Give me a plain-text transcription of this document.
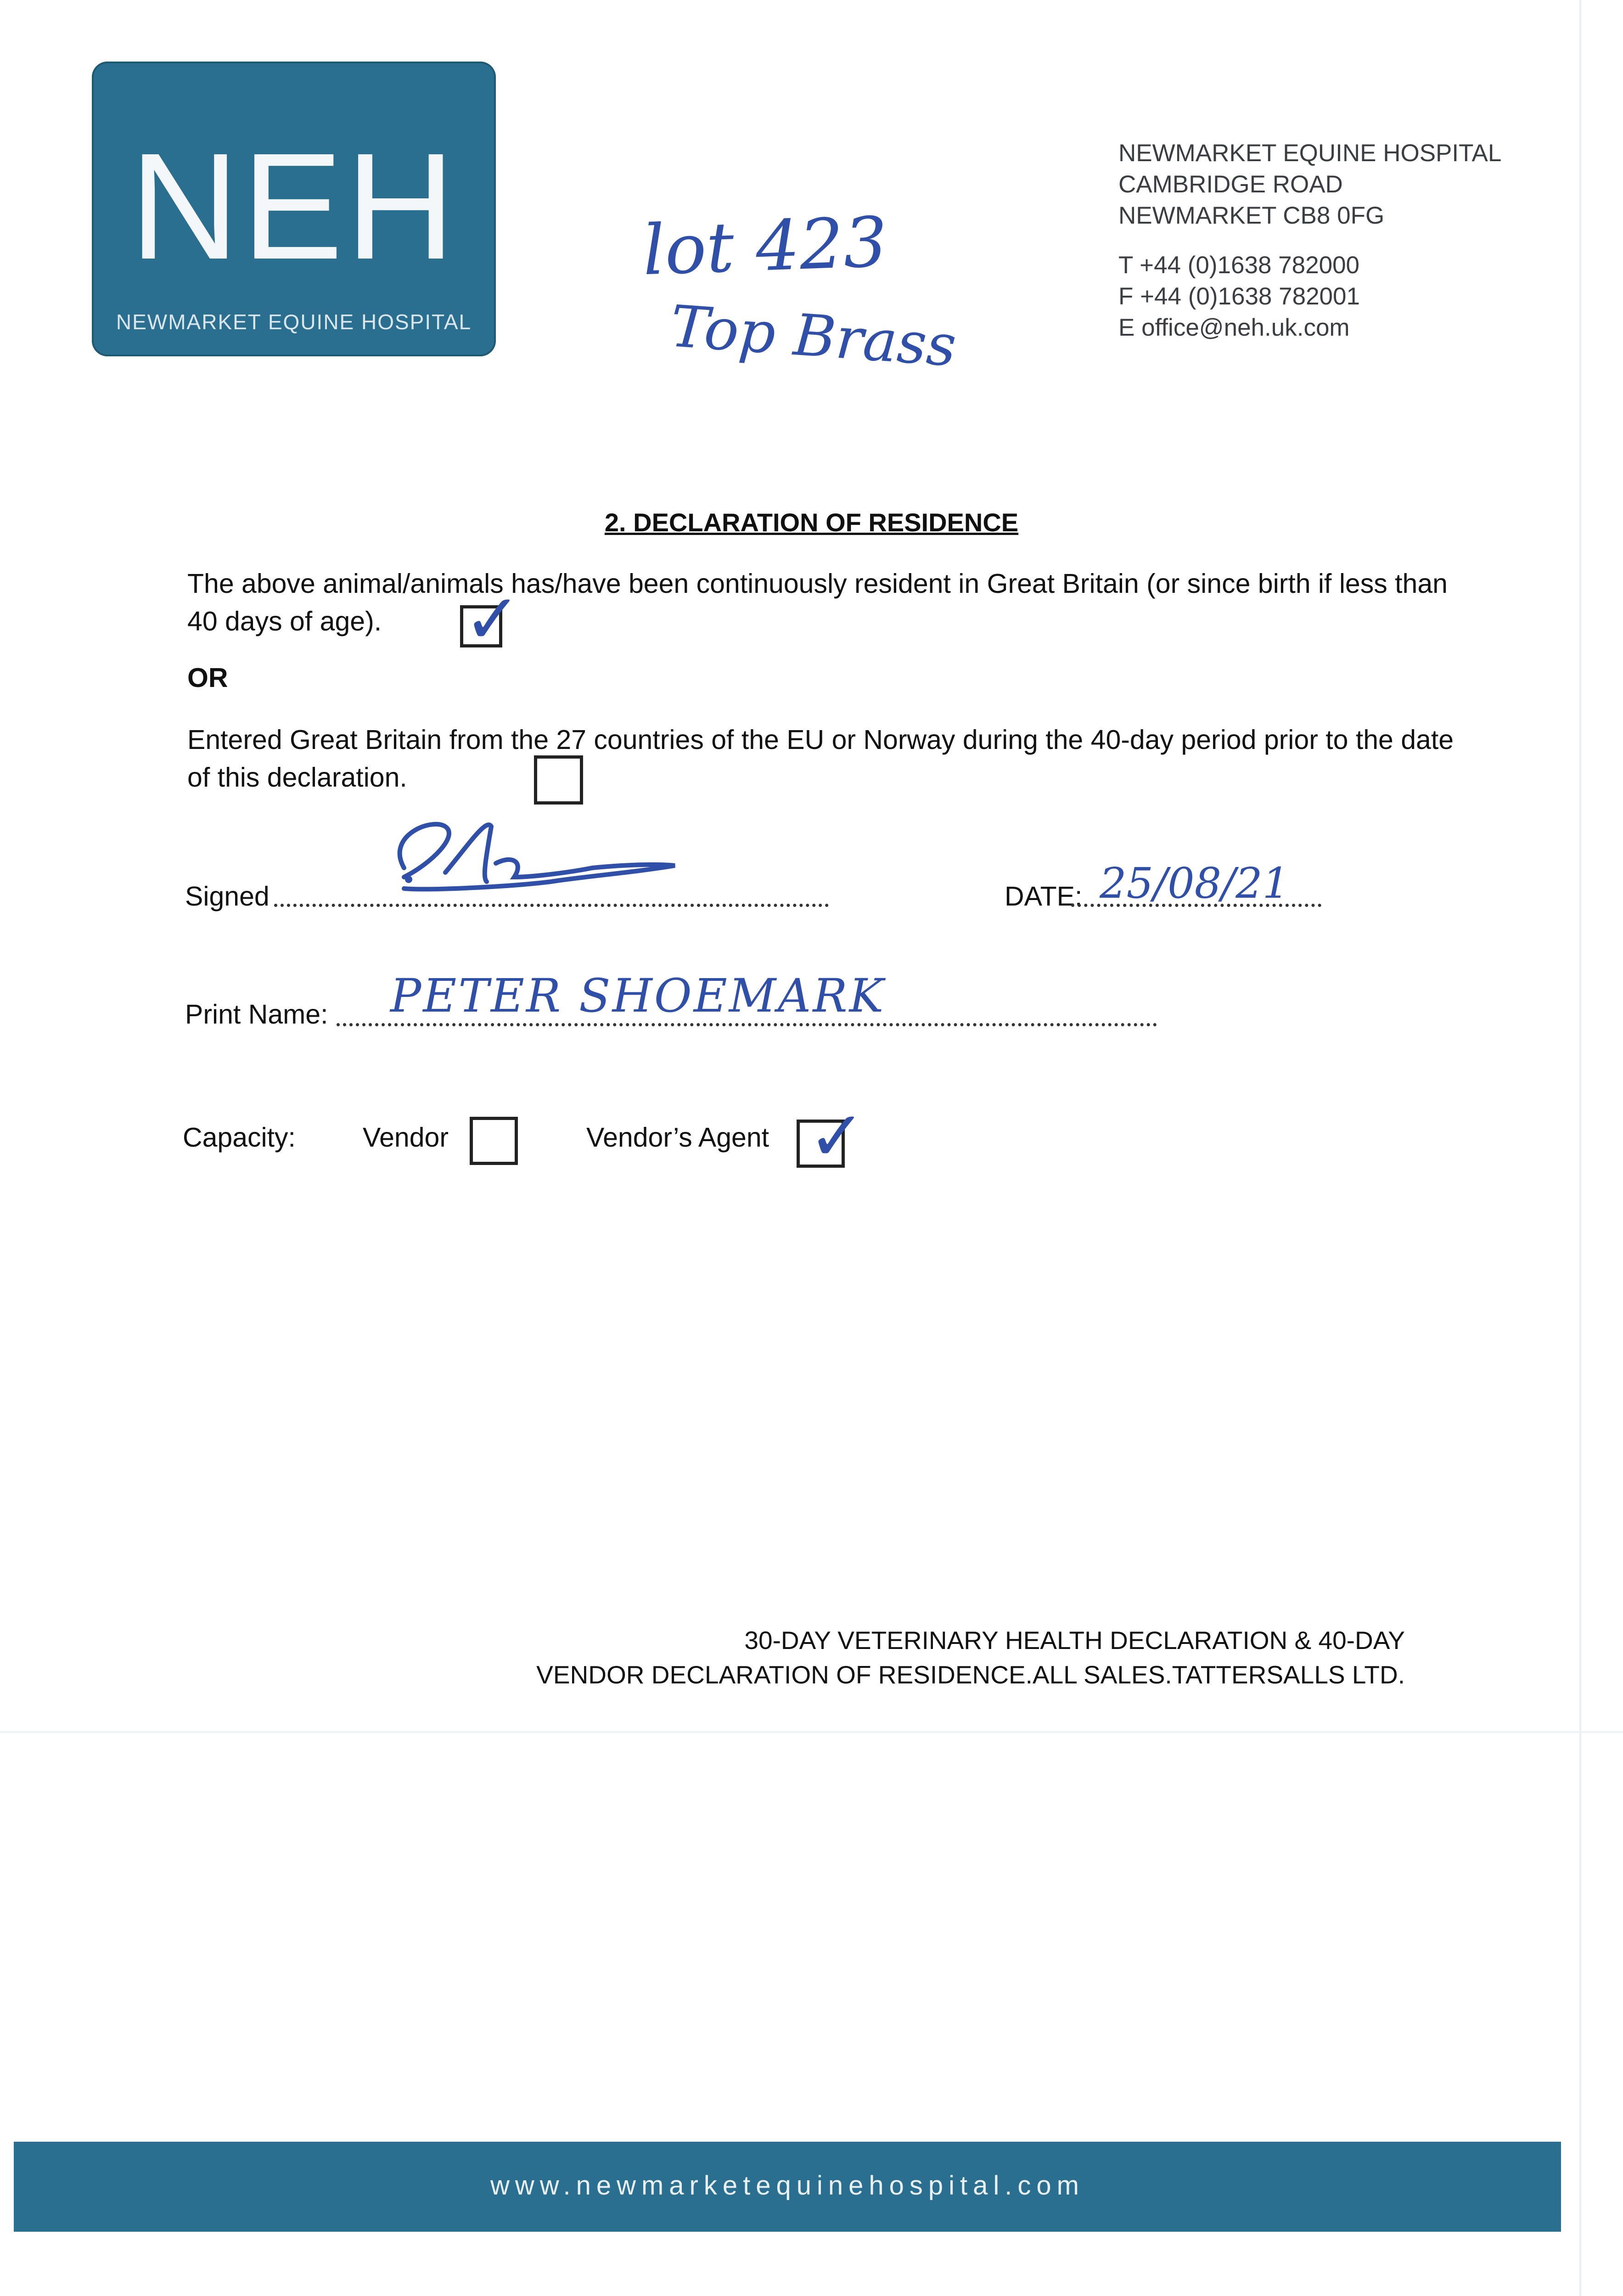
NEH
NEWMARKET EQUINE HOSPITAL
NEWMARKET EQUINE HOSPITAL
CAMBRIDGE ROAD
NEWMARKET CB8 0FG
T +44 (0)1638 782000
F +44 (0)1638 782001
E office@neh.uk.com
lot 423
Top Brass
2. DECLARATION OF RESIDENCE
The above animal/animals has/have been continuously resident in Great Britain (or since birth if less than 40 days of age).	✓
OR
Entered Great Britain from the 27 countries of the EU or Norway during the 40-day period prior to the date of this declaration.
Signed	DATE: 25/08/21
Print Name: PETER SHOEMARK
Capacity: Vendor	Vendor’s Agent ✓
30-DAY VETERINARY HEALTH DECLARATION & 40-DAY
VENDOR DECLARATION OF RESIDENCE.ALL SALES.TATTERSALLS LTD.
www.newmarketequinehospital.com
